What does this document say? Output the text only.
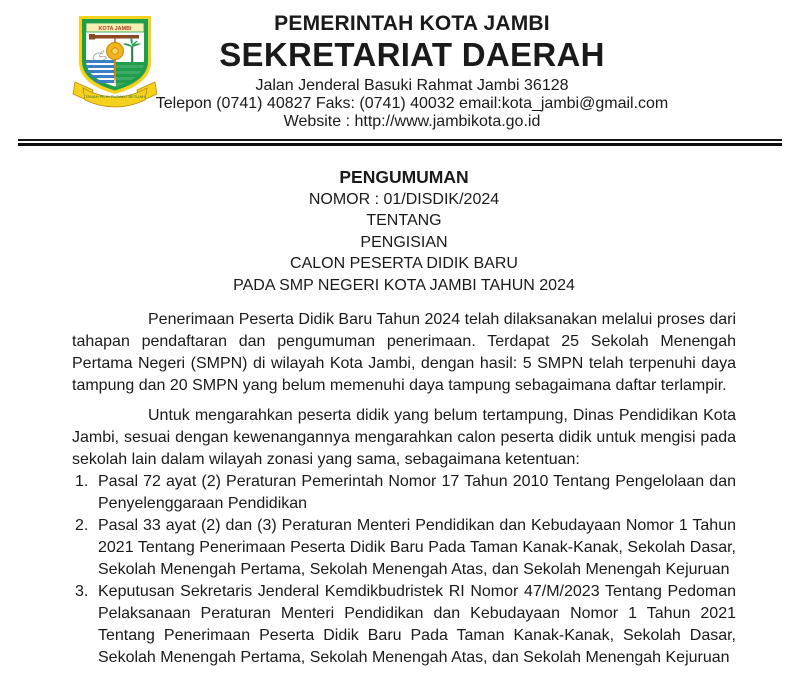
TANAH PILIH PUSAKO BETUAH
KOTA JAMBI	PEMERINTAH KOTA JAMBI
SEKRETARIAT DAERAH
Jalan Jenderal Basuki Rahmat Jambi 36128
Telepon (0741) 40827 Faks: (0741) 40032 email:kota_jambi@gmail.com
Website : http://www.jambikota.go.id
PENGUMUMAN
NOMOR : 01/DISDIK/2024
TENTANG
PENGISIAN
CALON PESERTA DIDIK BARU
PADA SMP NEGERI KOTA JAMBI TAHUN 2024

Penerimaan Peserta Didik Baru Tahun 2024 telah dilaksanakan melalui proses dari tahapan pendaftaran dan pengumuman penerimaan. Terdapat 25 Sekolah Menengah Pertama Negeri (SMPN) di wilayah Kota Jambi, dengan hasil: 5 SMPN telah terpenuhi daya tampung dan 20 SMPN yang belum memenuhi daya tampung sebagaimana daftar terlampir.

Untuk mengarahkan peserta didik yang belum tertampung, Dinas Pendidikan Kota Jambi, sesuai dengan kewenangannya mengarahkan calon peserta didik untuk mengisi pada sekolah lain dalam wilayah zonasi yang sama, sebagaimana ketentuan:

1. Pasal 72 ayat (2) Peraturan Pemerintah Nomor 17 Tahun 2010 Tentang Pengelolaan dan Penyelenggaraan Pendidikan
2. Pasal 33 ayat (2) dan (3) Peraturan Menteri Pendidikan dan Kebudayaan Nomor 1 Tahun 2021 Tentang Penerimaan Peserta Didik Baru Pada Taman Kanak-Kanak, Sekolah Dasar, Sekolah Menengah Pertama, Sekolah Menengah Atas, dan Sekolah Menengah Kejuruan
3. Keputusan Sekretaris Jenderal Kemdikbudristek RI Nomor 47/M/2023 Tentang Pedoman Pelaksanaan Peraturan Menteri Pendidikan dan Kebudayaan Nomor 1 Tahun 2021 Tentang Penerimaan Peserta Didik Baru Pada Taman Kanak-Kanak, Sekolah Dasar, Sekolah Menengah Pertama, Sekolah Menengah Atas, dan Sekolah Menengah Kejuruan
